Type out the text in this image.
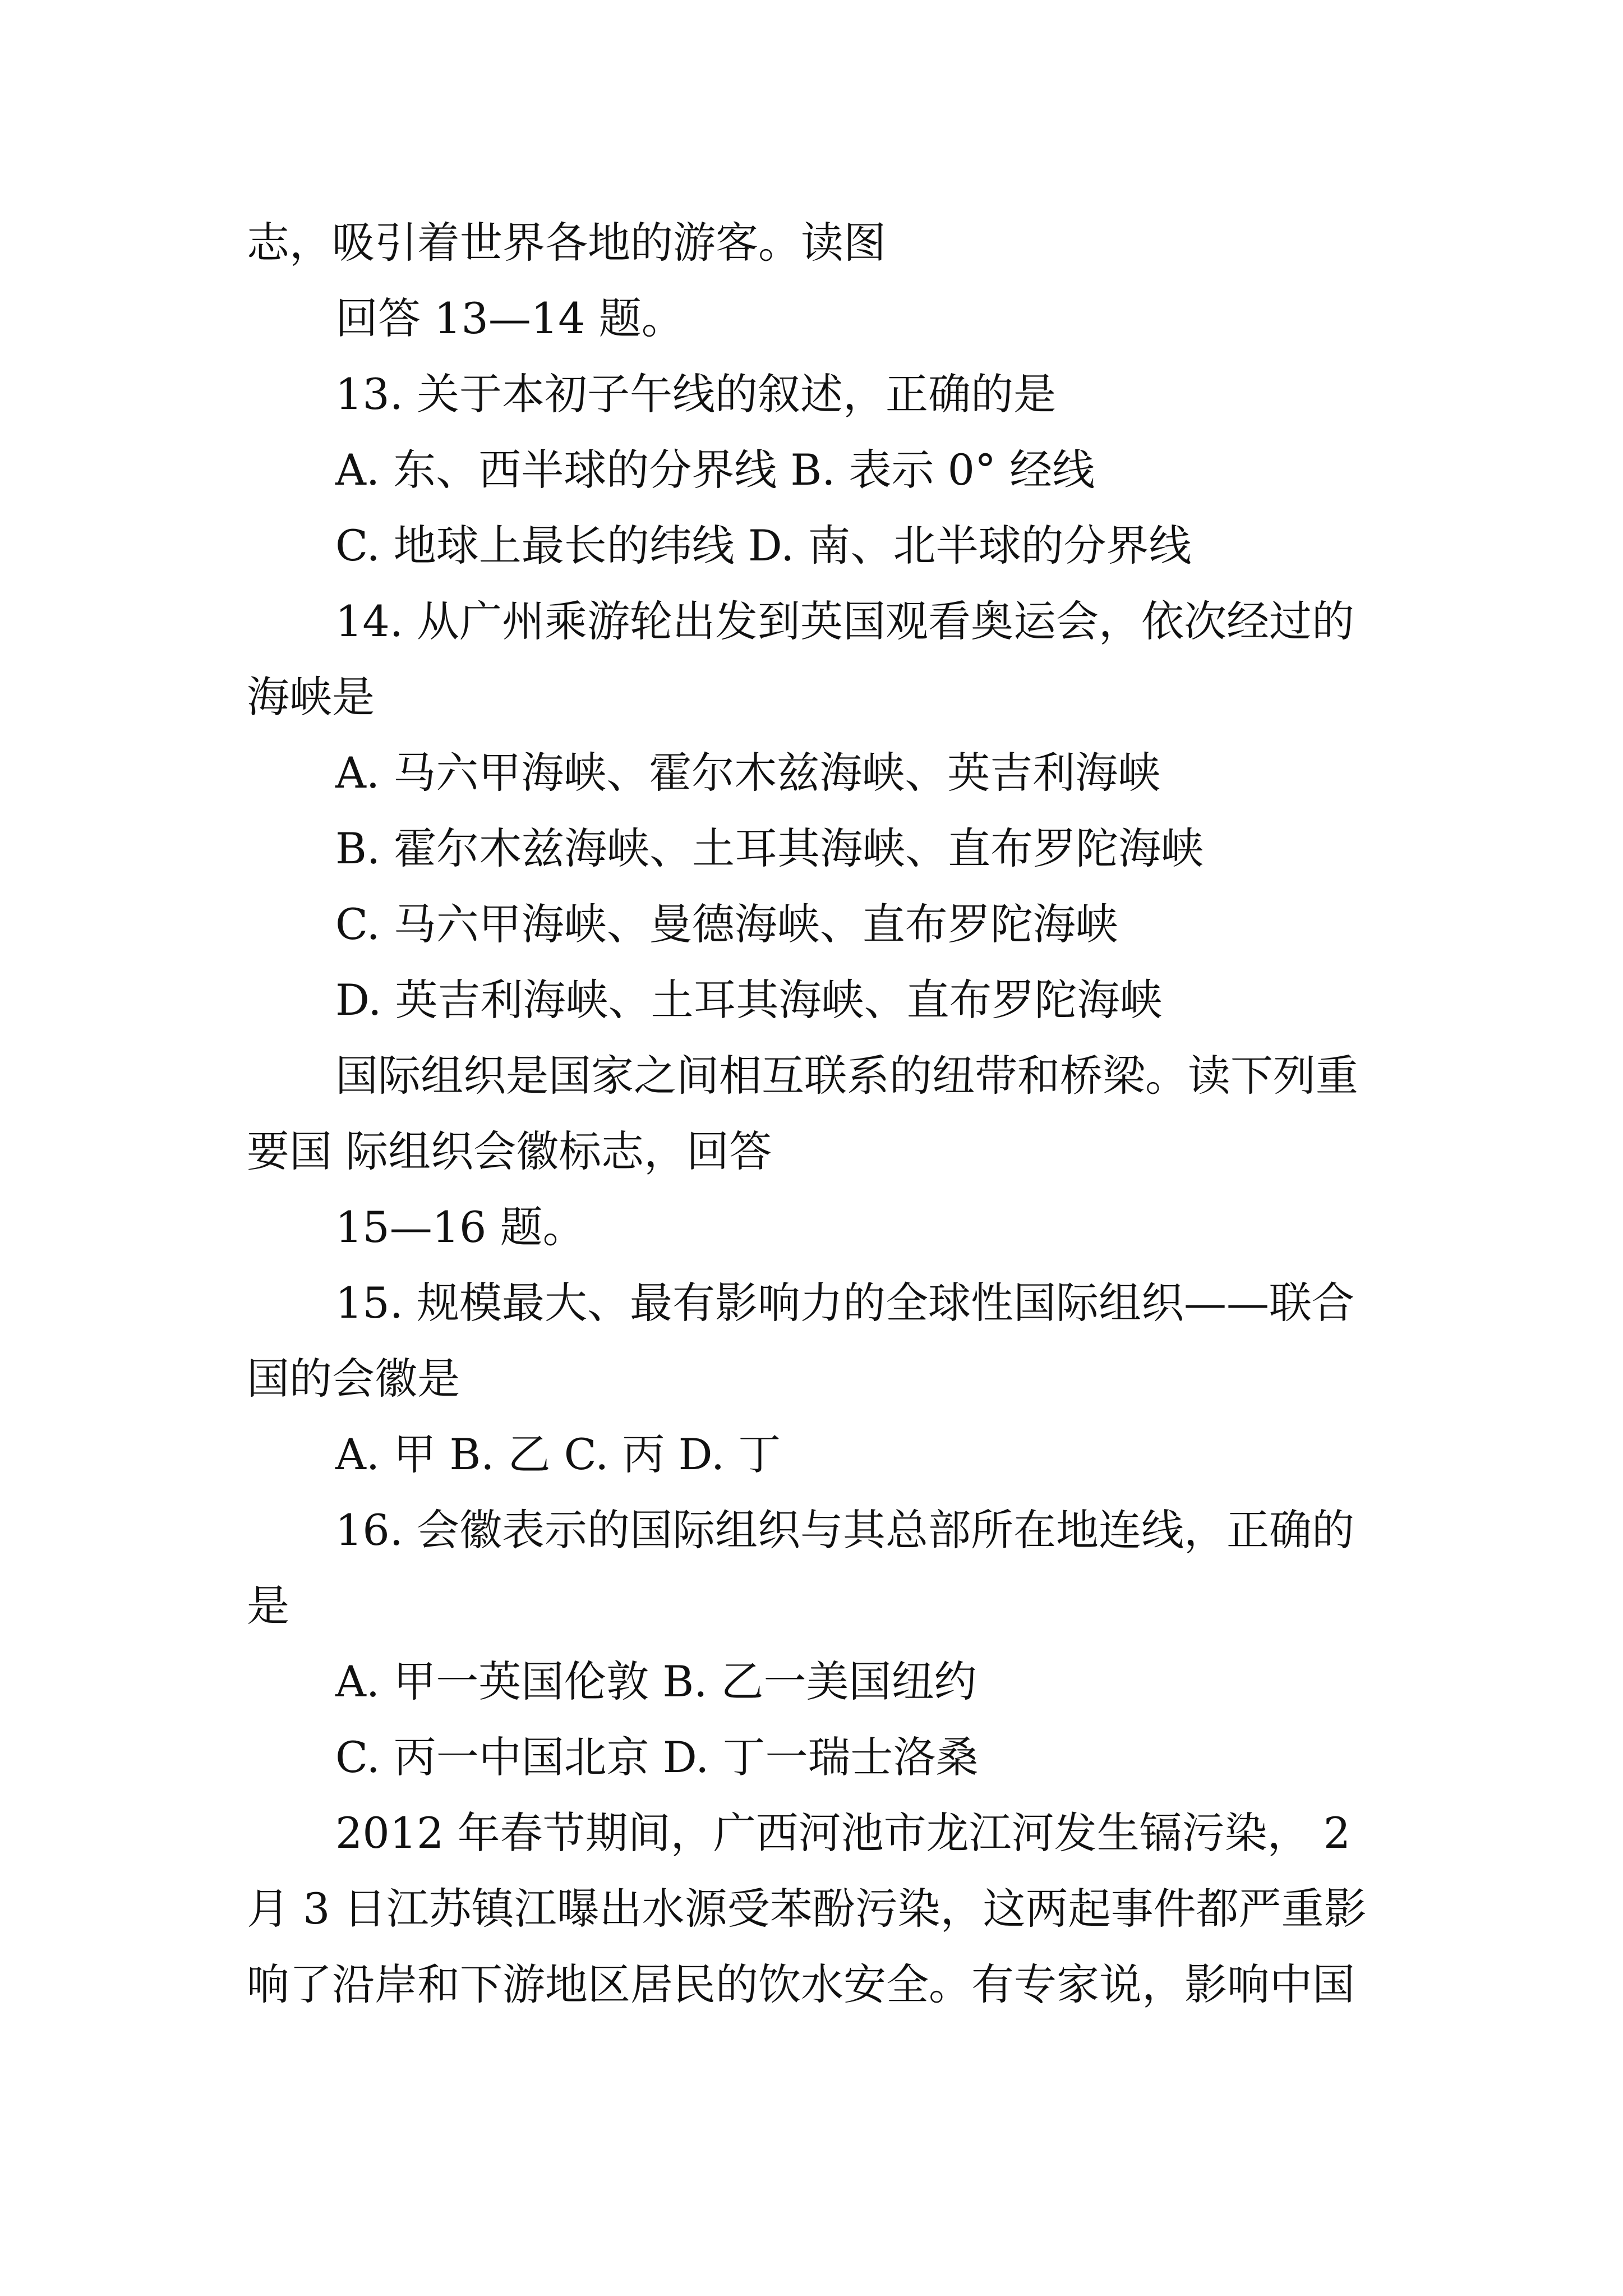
志，吸引着世界各地的游客。读图
回答 13—14 题。
13. 关于本初子午线的叙述，正确的是
A. 东、西半球的分界线 B. 表示 0° 经线
C. 地球上最长的纬线 D. 南、北半球的分界线
14. 从广州乘游轮出发到英国观看奥运会，依次经过的
海峡是
A. 马六甲海峡、霍尔木兹海峡、英吉利海峡
B. 霍尔木兹海峡、土耳其海峡、直布罗陀海峡
C. 马六甲海峡、曼德海峡、直布罗陀海峡
D. 英吉利海峡、土耳其海峡、直布罗陀海峡
国际组织是国家之间相互联系的纽带和桥梁。读下列重
要国 际组织会徽标志，回答
15—16 题。
15. 规模最大、最有影响力的全球性国际组织——联合
国的会徽是
A. 甲 B. 乙 C. 丙 D. 丁
16. 会徽表示的国际组织与其总部所在地连线，正确的
是
A. 甲一英国伦敦 B. 乙一美国纽约
C. 丙一中国北京 D. 丁一瑞士洛桑
2012 年春节期间，广西河池市龙江河发生镉污染， 2
月 3 日江苏镇江曝出水源受苯酚污染，这两起事件都严重影
响了沿岸和下游地区居民的饮水安全。有专家说，影响中国
